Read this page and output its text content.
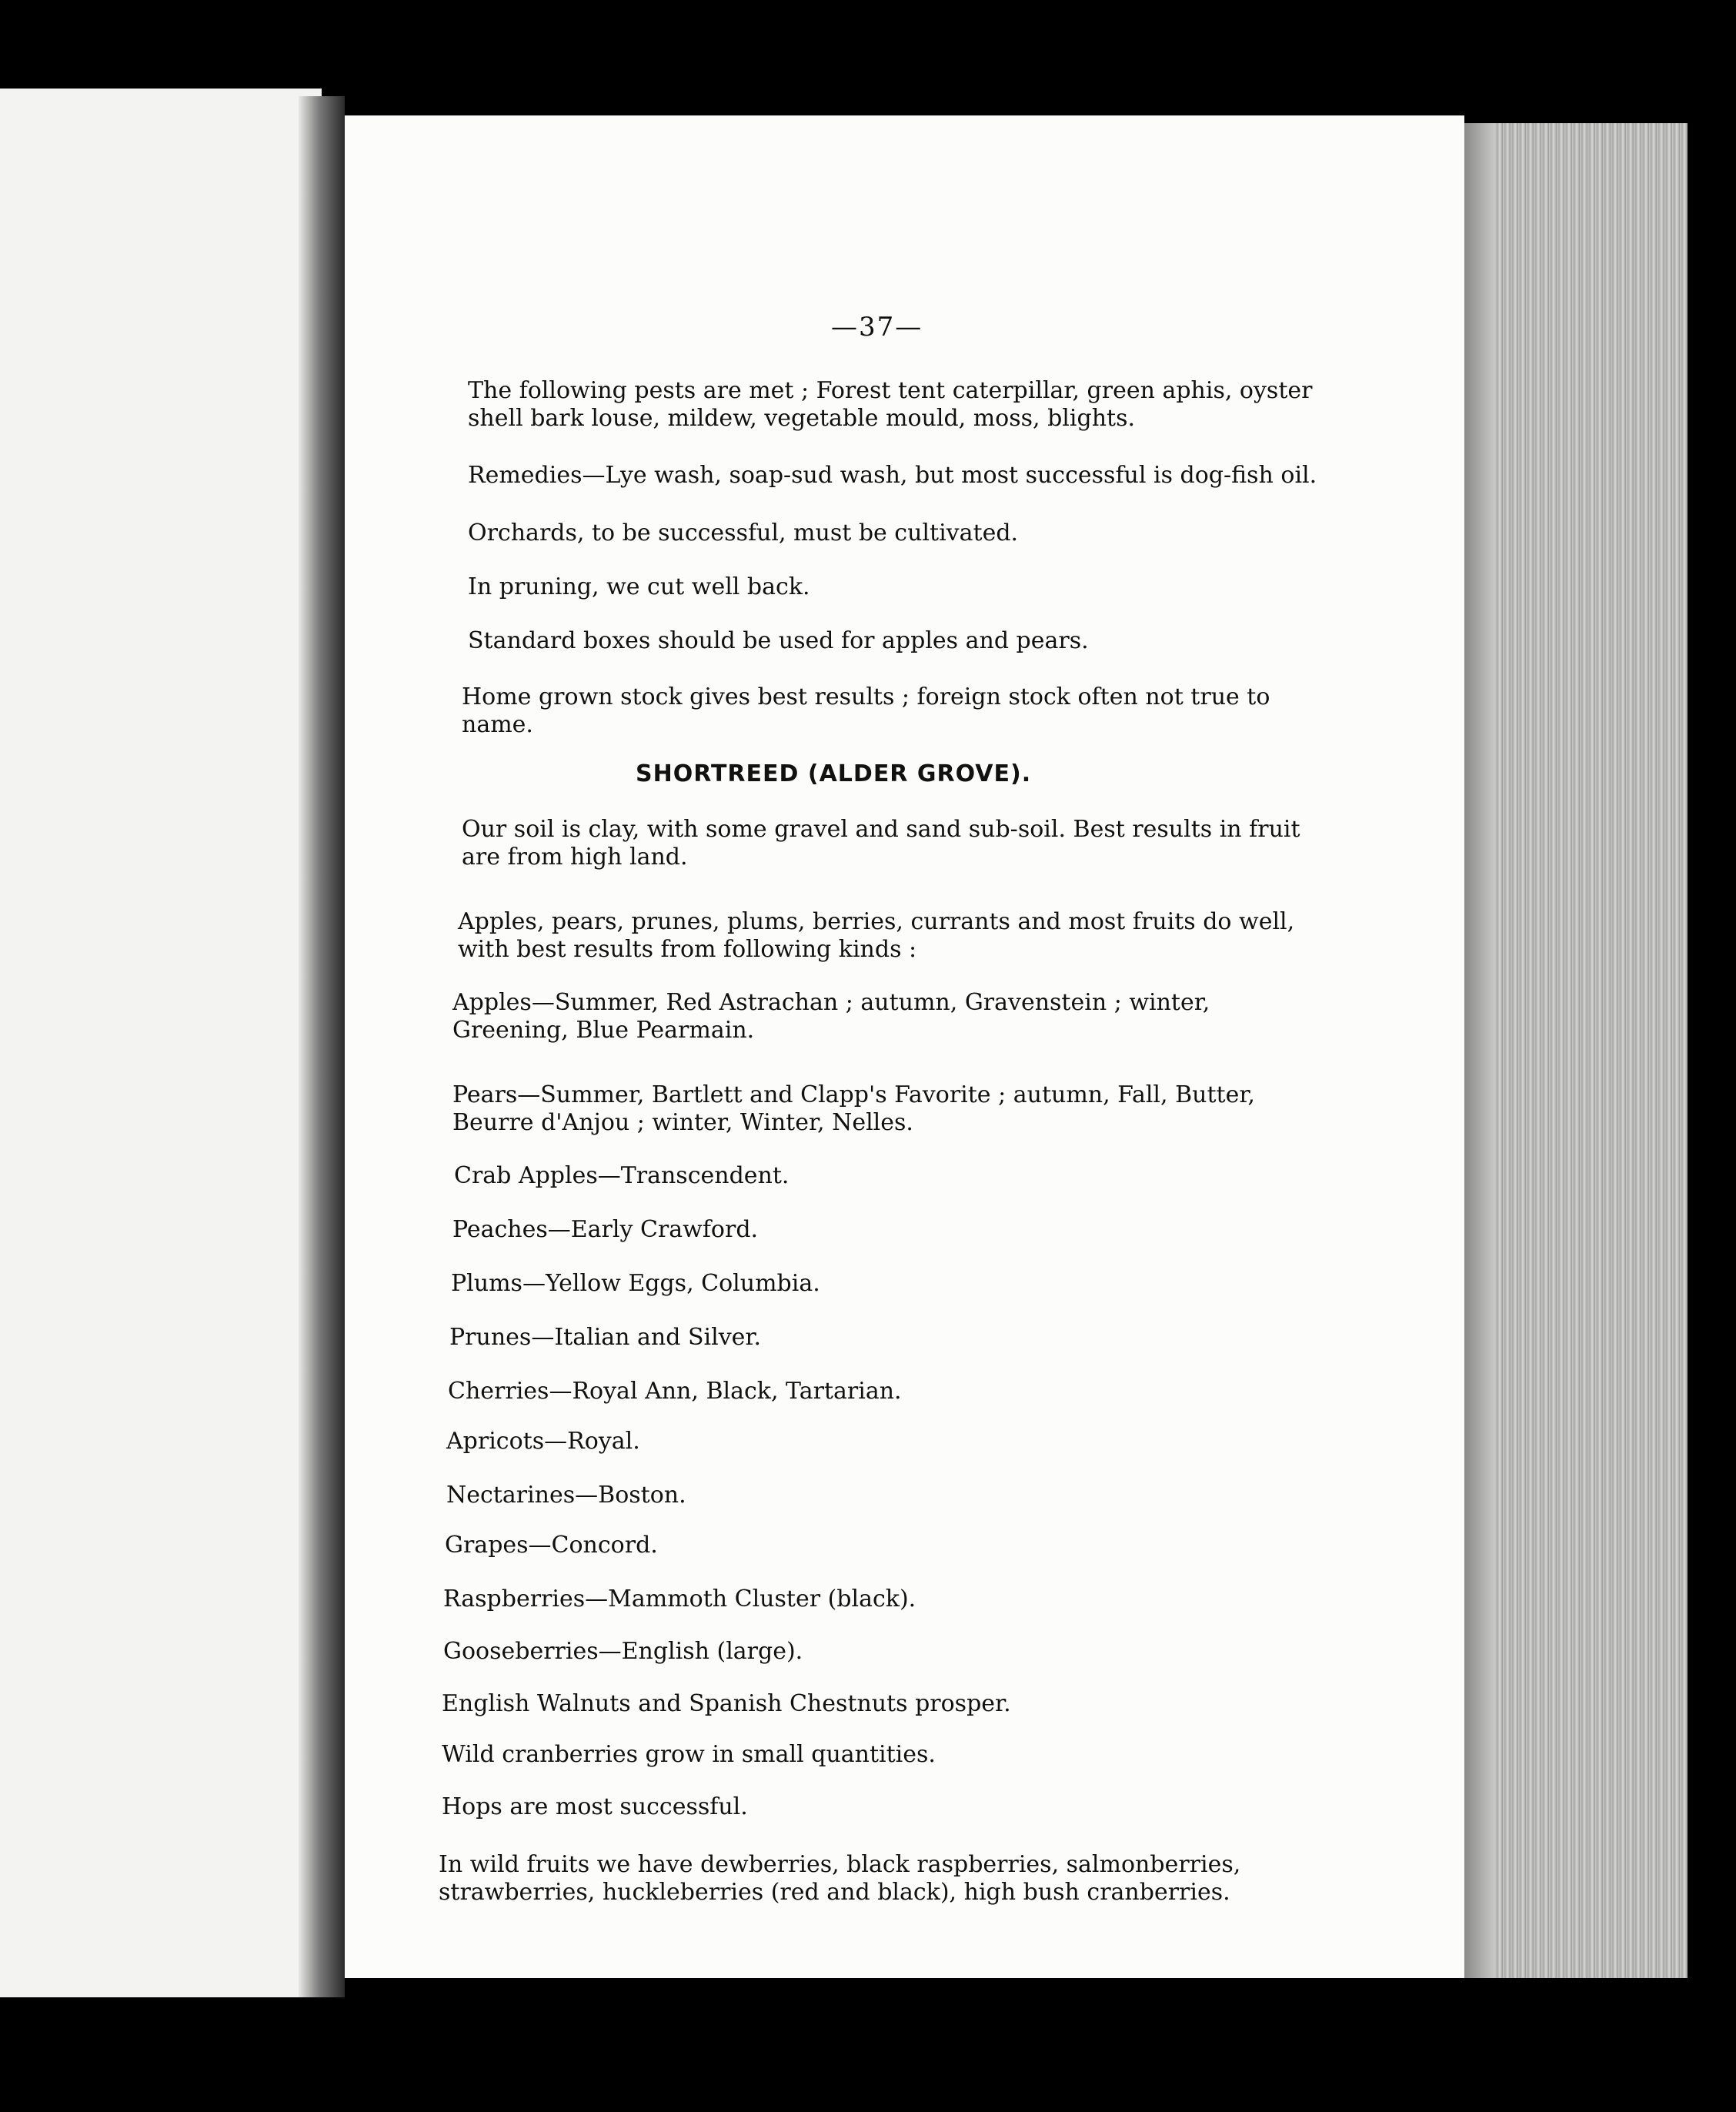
—37—
The following pests are met ; Forest tent caterpillar, green aphis, oyster shell bark louse, mildew, vegetable mould, moss, blights.
Remedies—Lye wash, soap-sud wash, but most successful is dog-fish oil.
Orchards, to be successful, must be cultivated.
In pruning, we cut well back.
Standard boxes should be used for apples and pears.
Home grown stock gives best results ; foreign stock often not true to name.
SHORTREED (ALDER GROVE).
Our soil is clay, with some gravel and sand sub-soil. Best results in fruit are from high land.
Apples, pears, prunes, plums, berries, currants and most fruits do well, with best results from following kinds :
Apples—Summer, Red Astrachan ; autumn, Gravenstein ; winter, Greening, Blue Pearmain.
Pears—Summer, Bartlett and Clapp's Favorite ; autumn, Fall, Butter, Beurre d'Anjou ; winter, Winter, Nelles.
Crab Apples—Transcendent.
Peaches—Early Crawford.
Plums—Yellow Eggs, Columbia.
Prunes—Italian and Silver.
Cherries—Royal Ann, Black, Tartarian.
Apricots—Royal.
Nectarines—Boston.
Grapes—Concord.
Raspberries—Mammoth Cluster (black).
Gooseberries—English (large).
English Walnuts and Spanish Chestnuts prosper.
Wild cranberries grow in small quantities.
Hops are most successful.
In wild fruits we have dewberries, black raspberries, salmonberries, strawberries, huckleberries (red and black), high bush cranberries.
